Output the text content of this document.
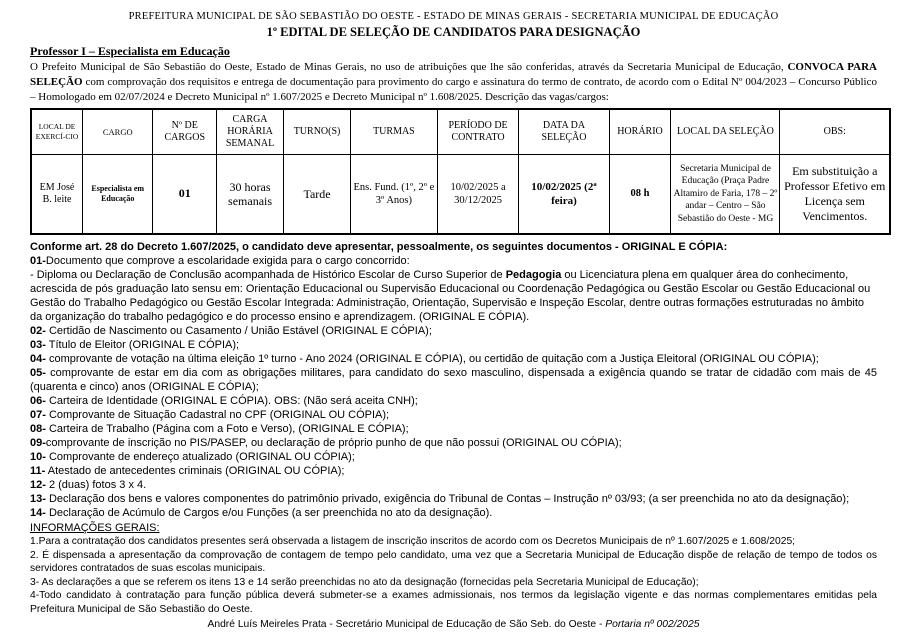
PREFEITURA MUNICIPAL DE SÃO SEBASTIÃO DO OESTE - ESTADO DE MINAS GERAIS - SECRETARIA MUNICIPAL DE EDUCAÇÃO
1º EDITAL DE SELEÇÃO DE CANDIDATOS PARA DESIGNAÇÃO
Professor I – Especialista em Educação

O Prefeito Municipal de São Sebastião do Oeste, Estado de Minas Gerais, no uso de atribuições que lhe são conferidas, através da Secretaria Municipal de Educação, CONVOCA PARA SELEÇÃO com comprovação dos requisitos e entrega de documentação para provimento do cargo e assinatura do termo de contrato, de acordo com o Edital Nº 004/2023 – Concurso Público – Homologado em 02/07/2024 e Decreto Municipal nº 1.607/2025 e Decreto Municipal nº 1.608/2025. Descrição das vagas/cargos:

LOCAL DE EXERCÍ-CIO	CARGO	Nº DE CARGOS	CARGA HORÁRIA SEMANAL	TURNO(S)	TURMAS	PERÍODO DE CONTRATO	DATA DA SELEÇÃO	HORÁRIO	LOCAL DA SELEÇÃO	OBS:
EM José B. leite	Especialista em Educação	01	30 horas semanais	Tarde	Ens. Fund. (1º, 2º e 3º Anos)	10/02/2025 a 30/12/2025	10/02/2025 (2ª feira)	08 h	Secretaria Municipal de Educação (Praça Padre Altamiro de Faria, 178 – 2º andar – Centro – São Sebastião do Oeste - MG	Em substituição a Professor Efetivo em Licença sem Vencimentos.
Conforme art. 28 do Decreto 1.607/2025, o candidato deve apresentar, pessoalmente, os seguintes documentos - ORIGINAL E CÓPIA:
01-Documento que comprove a escolaridade exigida para o cargo concorrido:
- Diploma ou Declaração de Conclusão acompanhada de Histórico Escolar de Curso Superior de Pedagogia ou Licenciatura plena em qualquer área do conhecimento, acrescida de pós graduação lato sensu em: Orientação Educacional ou Supervisão Educacional ou Coordenação Pedagógica ou Gestão Escolar ou Gestão Educacional ou Gestão do Trabalho Pedagógico ou Gestão Escolar Integrada: Administração, Orientação, Supervisão e Inspeção Escolar, dentre outras formações estruturadas no âmbito da organização do trabalho pedagógico e do processo ensino e aprendizagem. (ORIGINAL E CÓPIA).
02- Certidão de Nascimento ou Casamento / União Estável (ORIGINAL E CÓPIA);
03- Título de Eleitor (ORIGINAL E CÓPIA);
04- comprovante de votação na última eleição 1º turno - Ano 2024 (ORIGINAL E CÓPIA), ou certidão de quitação com a Justiça Eleitoral (ORIGINAL OU CÓPIA);
05- comprovante de estar em dia com as obrigações militares, para candidato do sexo masculino, dispensada a exigência quando se tratar de cidadão com mais de 45 (quarenta e cinco) anos (ORIGINAL E CÓPIA);
06- Carteira de Identidade (ORIGINAL E CÓPIA). OBS: (Não será aceita CNH);
07- Comprovante de Situação Cadastral no CPF (ORIGINAL OU CÓPIA);
08- Carteira de Trabalho (Página com a Foto e Verso), (ORIGINAL E CÓPIA);
09-comprovante de inscrição no PIS/PASEP, ou declaração de próprio punho de que não possui (ORIGINAL OU CÓPIA);
10- Comprovante de endereço atualizado (ORIGINAL OU CÓPIA);
11- Atestado de antecedentes criminais (ORIGINAL OU CÓPIA);
12- 2 (duas) fotos 3 x 4.
13- Declaração dos bens e valores componentes do patrimônio privado, exigência do Tribunal de Contas – Instrução nº 03/93; (a ser preenchida no ato da designação);
14- Declaração de Acúmulo de Cargos e/ou Funções (a ser preenchida no ato da designação).
INFORMAÇÕES GERAIS:
1.Para a contratação dos candidatos presentes será observada a listagem de inscrição inscritos de acordo com os Decretos Municipais de nº 1.607/2025 e 1.608/2025;
2. É dispensada a apresentação da comprovação de contagem de tempo pelo candidato, uma vez que a Secretaria Municipal de Educação dispõe de relação de tempo de todos os servidores contratados de suas escolas municipais.
3- As declarações a que se referem os itens 13 e 14 serão preenchidas no ato da designação (fornecidas pela Secretaria Municipal de Educação);
4-Todo candidato à contratação para função pública deverá submeter-se a exames admissionais, nos termos da legislação vigente e das normas complementares emitidas pela Prefeitura Municipal de São Sebastião do Oeste.
André Luís Meireles Prata - Secretário Municipal de Educação de São Seb. do Oeste - Portaria nº 002/2025
